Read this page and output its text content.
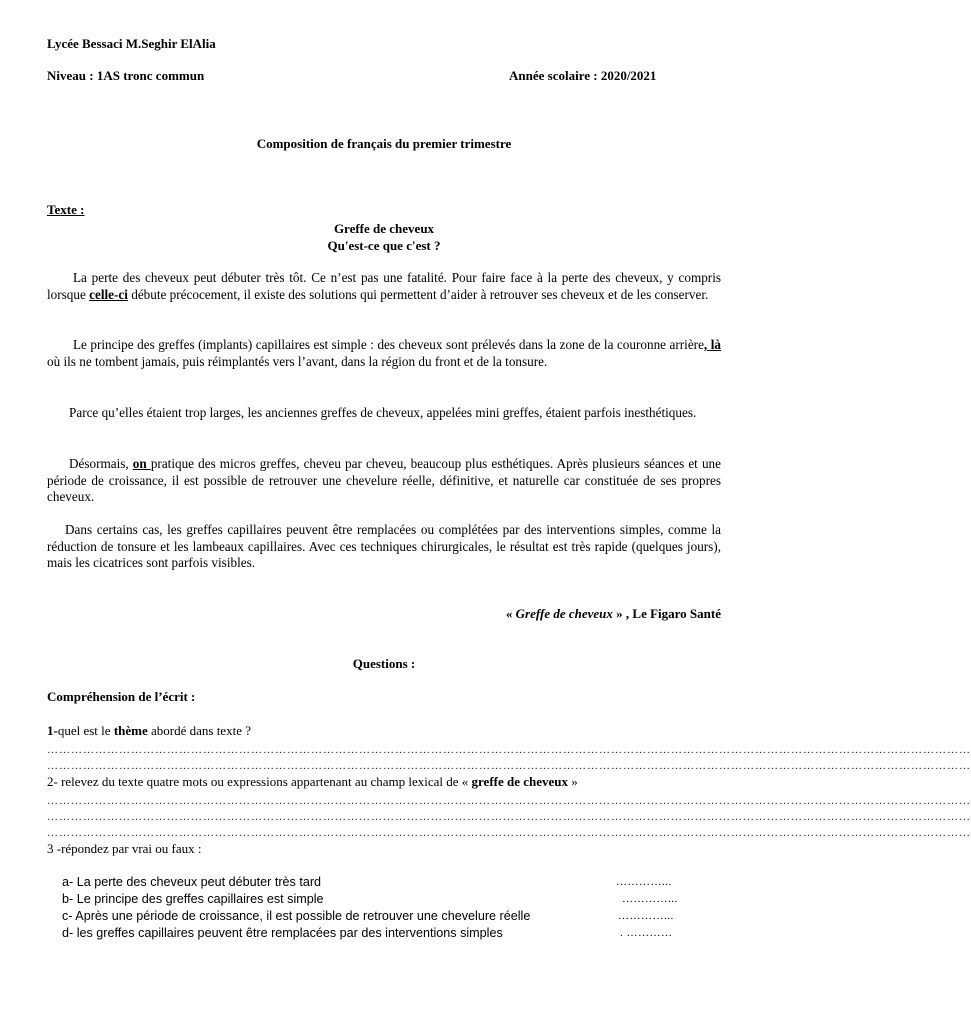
Lycée Bessaci M.Seghir ElAlia
Niveau : 1AS tronc commun	Année scolaire : 2020/2021
Composition de français du premier trimestre
Texte :
Greffe de cheveux
Qu'est-ce que c'est ?
La perte des cheveux peut débuter très tôt. Ce n’est pas une fatalité. Pour faire face à la perte des cheveux, y compris lorsque celle-ci débute précocement, il existe des solutions qui permettent d’aider à retrouver ses cheveux et de les conserver.
Le principe des greffes (implants) capillaires est simple : des cheveux sont prélevés dans la zone de la couronne arrière, là où ils ne tombent jamais, puis réimplantés vers l’avant, dans la région du front et de la tonsure.
Parce qu’elles étaient trop larges, les anciennes greffes de cheveux, appelées mini greffes, étaient parfois inesthétiques.
Désormais, on pratique des micros greffes, cheveu par cheveu, beaucoup plus esthétiques. Après plusieurs séances et une période de croissance, il est possible de retrouver une chevelure réelle, définitive, et naturelle car constituée de ses propres cheveux.
Dans certains cas, les greffes capillaires peuvent être remplacées ou complétées par des interventions simples, comme la réduction de tonsure et les lambeaux capillaires. Avec ces techniques chirurgicales, le résultat est très rapide (quelques jours), mais les cicatrices sont parfois visibles.
« Greffe de cheveux » , Le Figaro Santé
Questions :
Compréhension de l’écrit :
1-quel est le thème abordé dans texte ?
……………………………………………………………………………………………………………………………………………………………………………………………………………
……………………………………………………………………………………………………………………………………………………………………………………………………………
2- relevez du texte quatre mots ou expressions appartenant au champ lexical de « greffe de cheveux »
……………………………………………………………………………………………………………………………………………………………………………………………………………
……………………………………………………………………………………………………………………………………………………………………………………………………………
……………………………………………………………………………………………………………………………………………………………………………………………………………
3 -répondez par vrai ou faux :
a- La perte des cheveux peut débuter très tard	…………...
b- Le principe des greffes capillaires est simple	…………...
c- Après une période de croissance, il est possible de retrouver une chevelure réelle	…………...
d- les greffes capillaires peuvent être remplacées par des interventions simples	. …………
